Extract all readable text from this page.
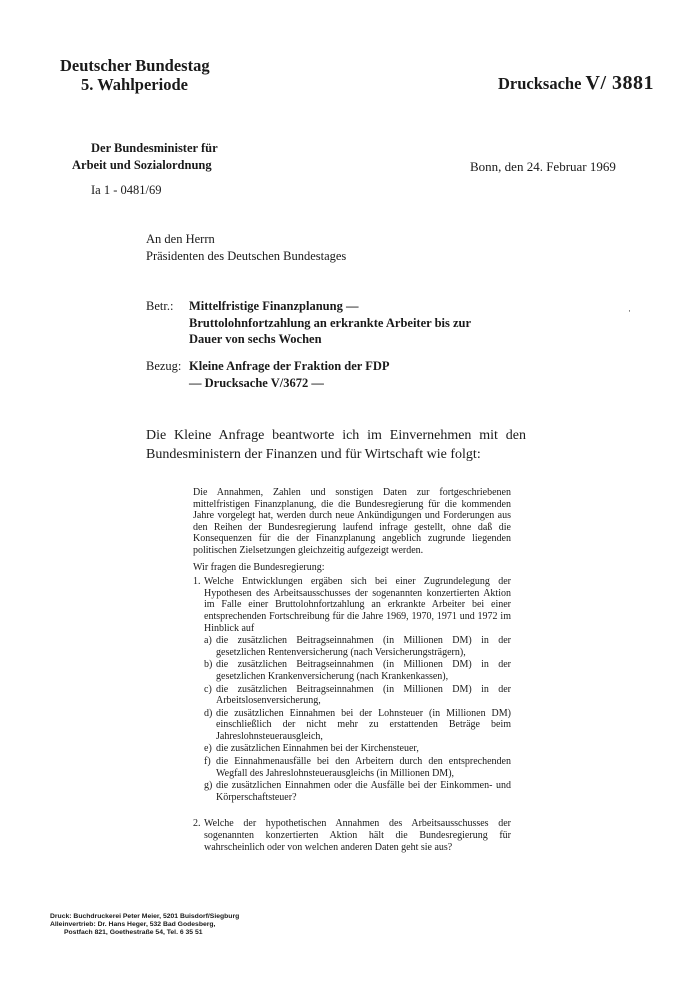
Deutscher Bundestag
5. Wahlperiode	Drucksache V/ 3881
Der Bundesminister für
Arbeit und Sozialordnung
Ia 1 - 0481/69
Bonn, den 24. Februar 1969
An den Herrn
Präsidenten des Deutschen Bundestages
Betr.: Mittelfristige Finanzplanung —
Bruttolohnfortzahlung an erkrankte Arbeiter bis zur
Dauer von sechs Wochen
Bezug: Kleine Anfrage der Fraktion der FDP
— Drucksache V/3672 —
Die Kleine Anfrage beantworte ich im Einvernehmen mit den Bundesministern der Finanzen und für Wirtschaft wie folgt:

Die Annahmen, Zahlen und sonstigen Daten zur fortgeschriebenen mittelfristigen Finanzplanung, die die Bundesregierung für die kommenden Jahre vorgelegt hat, werden durch neue Ankündigungen und Forderungen aus den Reihen der Bundesregierung laufend infrage gestellt, ohne daß die Konsequenzen für die der Finanzplanung angeblich zugrunde liegenden politischen Zielsetzungen gleichzeitig aufgezeigt werden.

Wir fragen die Bundesregierung:

1. Welche Entwicklungen ergäben sich bei einer Zugrundelegung der Hypothesen des Arbeitsausschusses der sogenannten konzertierten Aktion im Falle einer Bruttolohnfortzahlung an erkrankte Arbeiter bei einer entsprechenden Fortschreibung für die Jahre 1969, 1970, 1971 und 1972 im Hinblick auf
a) die zusätzlichen Beitragseinnahmen (in Millionen DM) in der gesetzlichen Rentenversicherung (nach Versicherungsträgern),
b) die zusätzlichen Beitragseinnahmen (in Millionen DM) in der gesetzlichen Krankenversicherung (nach Krankenkassen),
c) die zusätzlichen Beitragseinnahmen (in Millionen DM) in der Arbeitslosenversicherung,
d) die zusätzlichen Einnahmen bei der Lohnsteuer (in Millionen DM) einschließlich der nicht mehr zu erstattenden Beträge beim Jahreslohnsteuerausgleich,
e) die zusätzlichen Einnahmen bei der Kirchensteuer,
f) die Einnahmenausfälle bei den Arbeitern durch den entsprechenden Wegfall des Jahreslohnsteuerausgleichs (in Millionen DM),
g) die zusätzlichen Einnahmen oder die Ausfälle bei der Einkommen- und Körperschaftsteuer?
2. Welche der hypothetischen Annahmen des Arbeitsausschusses der sogenannten konzertierten Aktion hält die Bundesregierung für wahrscheinlich oder von welchen anderen Daten geht sie aus?
·
Druck: Buchdruckerei Peter Meier, 5201 Buisdorf/Siegburg
Alleinvertrieb: Dr. Hans Heger, 532 Bad Godesberg,
Postfach 821, Goethestraße 54, Tel. 6 35 51
